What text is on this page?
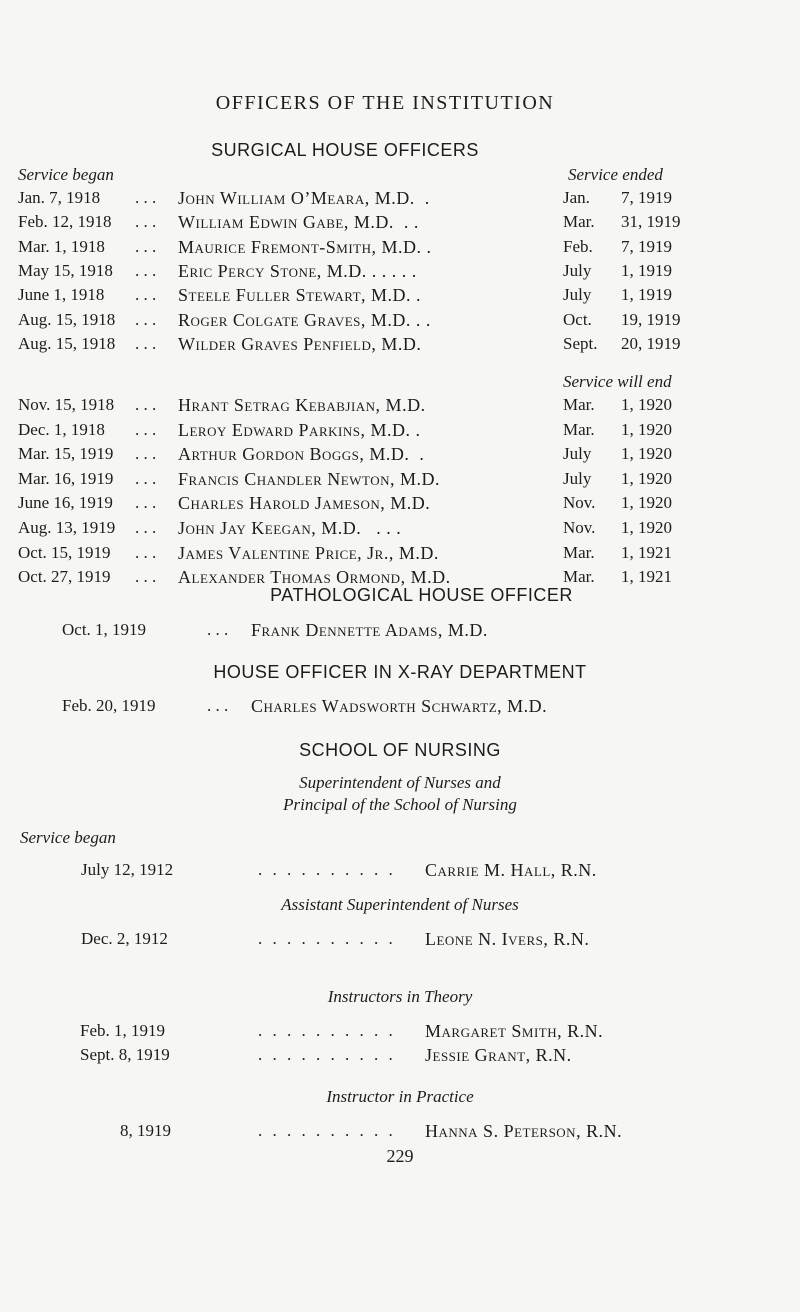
OFFICERS OF THE INSTITUTION
SURGICAL HOUSE OFFICERS
Service began	Service ended
Jan. 7, 1918 . . . John William O’Meara, M.D.  .	Jan. 7, 1919
Feb. 12, 1918 . . . William Edwin Gabe, M.D.  . .	Mar. 31, 1919
Mar. 1, 1918 . . . Maurice Fremont-Smith, M.D. .	Feb. 7, 1919
May 15, 1918 . . . Eric Percy Stone, M.D. . . . . .	July 1, 1919
June 1, 1918 . . . Steele Fuller Stewart, M.D. .	July 1, 1919
Aug. 15, 1918 . . . Roger Colgate Graves, M.D. . .	Oct. 19, 1919
Aug. 15, 1918 . . . Wilder Graves Penfield, M.D.	Sept. 20, 1919
Service will end
Nov. 15, 1918 . . . Hrant Setrag Kebabjian, M.D.	Mar. 1, 1920
Dec. 1, 1918 . . . Leroy Edward Parkins, M.D. .	Mar. 1, 1920
Mar. 15, 1919 . . . Arthur Gordon Boggs, M.D.  .	July 1, 1920
Mar. 16, 1919 . . . Francis Chandler Newton, M.D.	July 1, 1920
June 16, 1919 . . . Charles Harold Jameson, M.D.	Nov. 1, 1920
Aug. 13, 1919 . . . John Jay Keegan, M.D.   . . .	Nov. 1, 1920
Oct. 15, 1919 . . . James Valentine Price, Jr., M.D.	Mar. 1, 1921
Oct. 27, 1919 . . . Alexander Thomas Ormond, M.D.	Mar. 1, 1921
PATHOLOGICAL HOUSE OFFICER
Oct. 1, 1919	. . . Frank Dennette Adams, M.D.
HOUSE OFFICER IN X-RAY DEPARTMENT
Feb. 20, 1919	. . . Charles Wadsworth Schwartz, M.D.
SCHOOL OF NURSING
Superintendent of Nurses and
Principal of the School of Nursing
Service began
July 12, 1912	. . . . . . . . . . Carrie M. Hall, R.N.
Assistant Superintendent of Nurses
Dec. 2, 1912	. . . . . . . . . . Leone N. Ivers, R.N.
Instructors in Theory
Feb. 1, 1919	. . . . . . . . . . Margaret Smith, R.N.
Sept. 8, 1919	. . . . . . . . . . Jessie Grant, R.N.
Instructor in Practice
8, 1919	. . . . . . . . . . Hanna S. Peterson, R.N.
229
